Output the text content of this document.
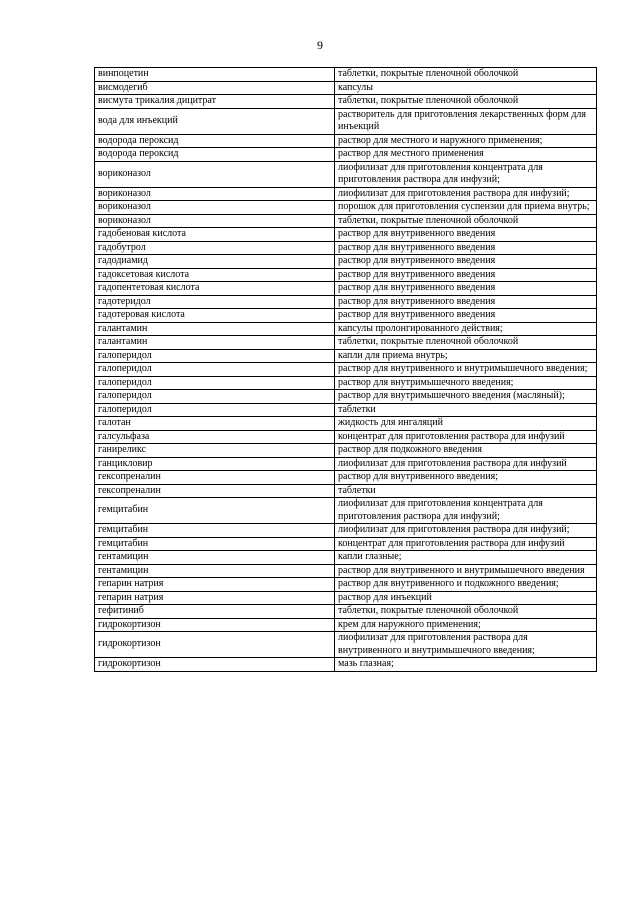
9
винпоцетин	таблетки, покрытые пленочной оболочкой
висмодегиб	капсулы
висмута трикалия дицитрат	таблетки, покрытые пленочной оболочкой
вода для инъекций	растворитель для приготовления лекарственных форм для инъекций
водорода пероксид	раствор для местного и наружного применения;
водорода пероксид	раствор для местного применения
вориконазол	лиофилизат для приготовления концентрата для приготовления раствора для инфузий;
вориконазол	лиофилизат для приготовления раствора для инфузий;
вориконазол	порошок для приготовления суспензии для приема внутрь;
вориконазол	таблетки, покрытые пленочной оболочкой
гадобеновая кислота	раствор для внутривенного введения
гадобутрол	раствор для внутривенного введения
гадодиамид	раствор для внутривенного введения
гадоксетовая кислота	раствор для внутривенного введения
гадопентетовая кислота	раствор для внутривенного введения
гадотеридол	раствор для внутривенного введения
гадотеровая кислота	раствор для внутривенного введения
галантамин	капсулы пролонгированного действия;
галантамин	таблетки, покрытые пленочной оболочкой
галоперидол	капли для приема внутрь;
галоперидол	раствор для внутривенного и внутримышечного введения;
галоперидол	раствор для внутримышечного введения;
галоперидол	раствор для внутримышечного введения (масляный);
галоперидол	таблетки
галотан	жидкость для ингаляций
галсульфаза	концентрат для приготовления раствора для инфузий
ганиреликс	раствор для подкожного введения
ганцикловир	лиофилизат для приготовления раствора для инфузий
гексопреналин	раствор для внутривенного введения;
гексопреналин	таблетки
гемцитабин	лиофилизат для приготовления концентрата для приготовления раствора для инфузий;
гемцитабин	лиофилизат для приготовления раствора для инфузий;
гемцитабин	концентрат для приготовления раствора для инфузий
гентамицин	капли глазные;
гентамицин	раствор для внутривенного и внутримышечного введения
гепарин натрия	раствор для внутривенного и подкожного введения;
гепарин натрия	раствор для инъекций
гефитиниб	таблетки, покрытые пленочной оболочкой
гидрокортизон	крем для наружного применения;
гидрокортизон	лиофилизат для приготовления раствора для внутривенного и внутримышечного введения;
гидрокортизон	мазь глазная;
